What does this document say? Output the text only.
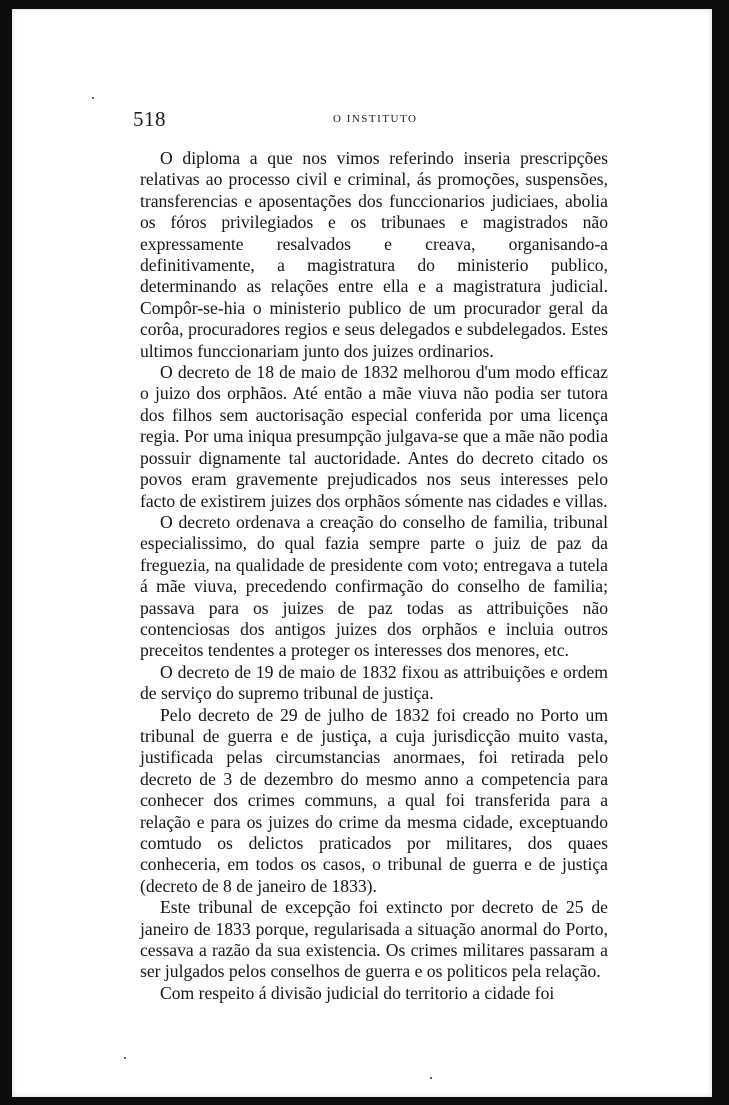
518	O INSTITUTO

O diploma a que nos vimos referindo inseria prescripções relativas ao processo civil e criminal, ás promoções, suspensões, transferencias e aposentações dos funccionarios judiciaes, abolia os fóros privilegiados e os tribunaes e magistrados não expressamente resalvados e creava, organisando-a definitivamente, a magistratura do ministerio publico, determinando as relações entre ella e a magistratura judicial. Compôr-se-hia o ministerio publico de um procurador geral da corôa, procuradores regios e seus delegados e subdelegados. Estes ultimos funccionariam junto dos juizes ordinarios.

O decreto de 18 de maio de 1832 melhorou d'um modo efficaz o juizo dos orphãos. Até então a mãe viuva não podia ser tutora dos filhos sem auctorisação especial conferida por uma licença regia. Por uma iniqua presumpção julgava-se que a mãe não podia possuir dignamente tal auctoridade. Antes do decreto citado os povos eram gravemente prejudicados nos seus interesses pelo facto de existirem juizes dos orphãos sómente nas cidades e villas.

O decreto ordenava a creação do conselho de familia, tribunal especialissimo, do qual fazia sempre parte o juiz de paz da freguezia, na qualidade de presidente com voto; entregava a tutela á mãe viuva, precedendo confirmação do conselho de familia; passava para os juizes de paz todas as attribuições não contenciosas dos antigos juizes dos orphãos e incluia outros preceitos tendentes a proteger os interesses dos menores, etc.

O decreto de 19 de maio de 1832 fixou as attribuições e ordem de serviço do supremo tribunal de justiça.

Pelo decreto de 29 de julho de 1832 foi creado no Porto um tribunal de guerra e de justiça, a cuja jurisdicção muito vasta, justificada pelas circumstancias anormaes, foi retirada pelo decreto de 3 de dezembro do mesmo anno a competencia para conhecer dos crimes communs, a qual foi transferida para a relação e para os juizes do crime da mesma cidade, exceptuando comtudo os delictos praticados por militares, dos quaes conheceria, em todos os casos, o tribunal de guerra e de justiça (decreto de 8 de janeiro de 1833).

Este tribunal de excepção foi extincto por decreto de 25 de janeiro de 1833 porque, regularisada a situação anormal do Porto, cessava a razão da sua existencia. Os crimes militares passaram a ser julgados pelos conselhos de guerra e os politicos pela relação.

Com respeito á divisão judicial do territorio a cidade foi
